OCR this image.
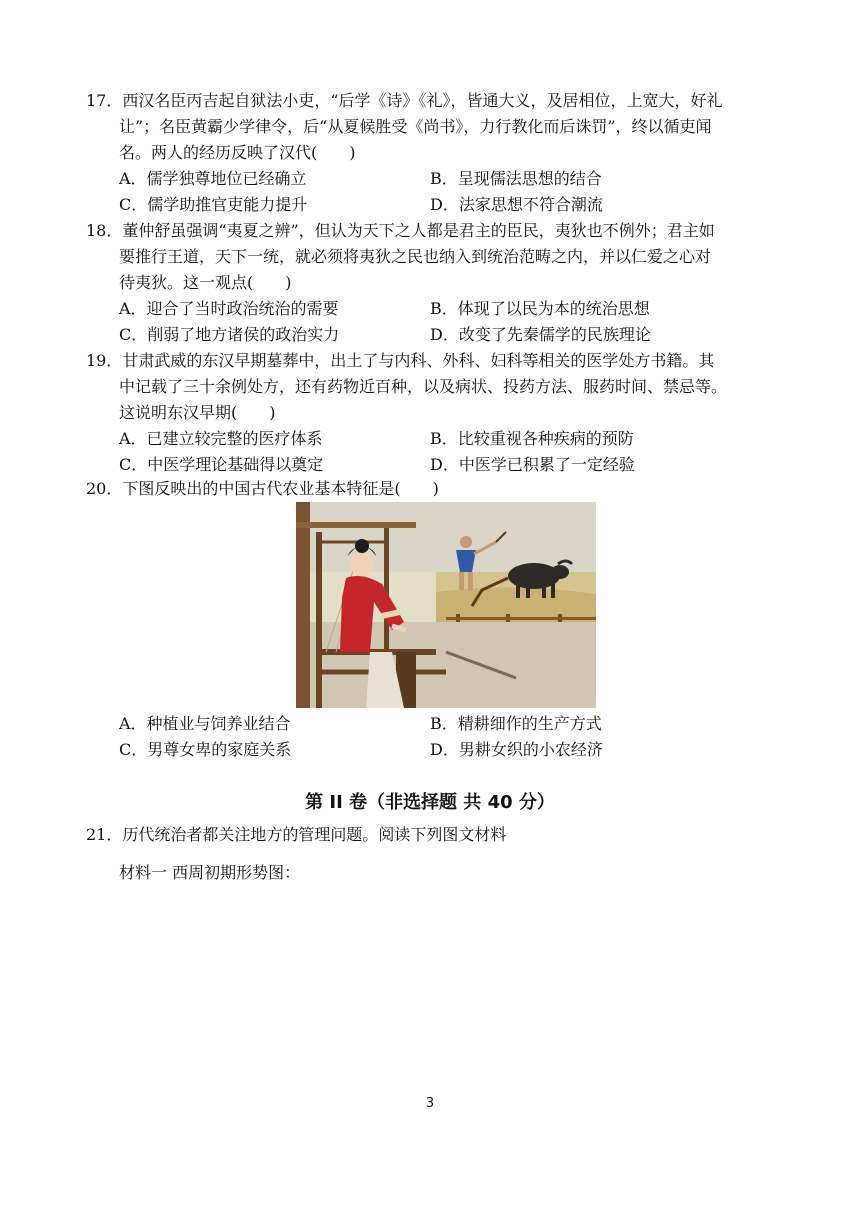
17．西汉名臣丙吉起自狱法小吏，“后学《诗》《礼》，皆通大义，及居相位，上宽大，好礼
让”；名臣黄霸少学律令，后“从夏候胜受《尚书》，力行教化而后诛罚”，终以循吏闻
名。两人的经历反映了汉代(　　)
A．儒学独尊地位已经确立	B．呈现儒法思想的结合
C．儒学助推官吏能力提升	D．法家思想不符合潮流
18．董仲舒虽强调“夷夏之辨”，但认为天下之人都是君主的臣民，夷狄也不例外；君主如
要推行王道，天下一统，就必须将夷狄之民也纳入到统治范畴之内，并以仁爱之心对
待夷狄。这一观点(　　)
A．迎合了当时政治统治的需要	B．体现了以民为本的统治思想
C．削弱了地方诸侯的政治实力	D．改变了先秦儒学的民族理论
19．甘肃武威的东汉早期墓葬中，出土了与内科、外科、妇科等相关的医学处方书籍。其
中记载了三十余例处方，还有药物近百种，以及病状、投药方法、服药时间、禁忌等。
这说明东汉早期(　　)
A．已建立较完整的医疗体系	B．比较重视各种疾病的预防
C．中医学理论基础得以奠定	D．中医学已积累了一定经验
20．下图反映出的中国古代农业基本特征是(　　)
A．种植业与饲养业结合	B．精耕细作的生产方式
C．男尊女卑的家庭关系	D．男耕女织的小农经济
第 II 卷（非选择题 共 40 分）
21．历代统治者都关注地方的管理问题。阅读下列图文材料
材料一 西周初期形势图：
3
